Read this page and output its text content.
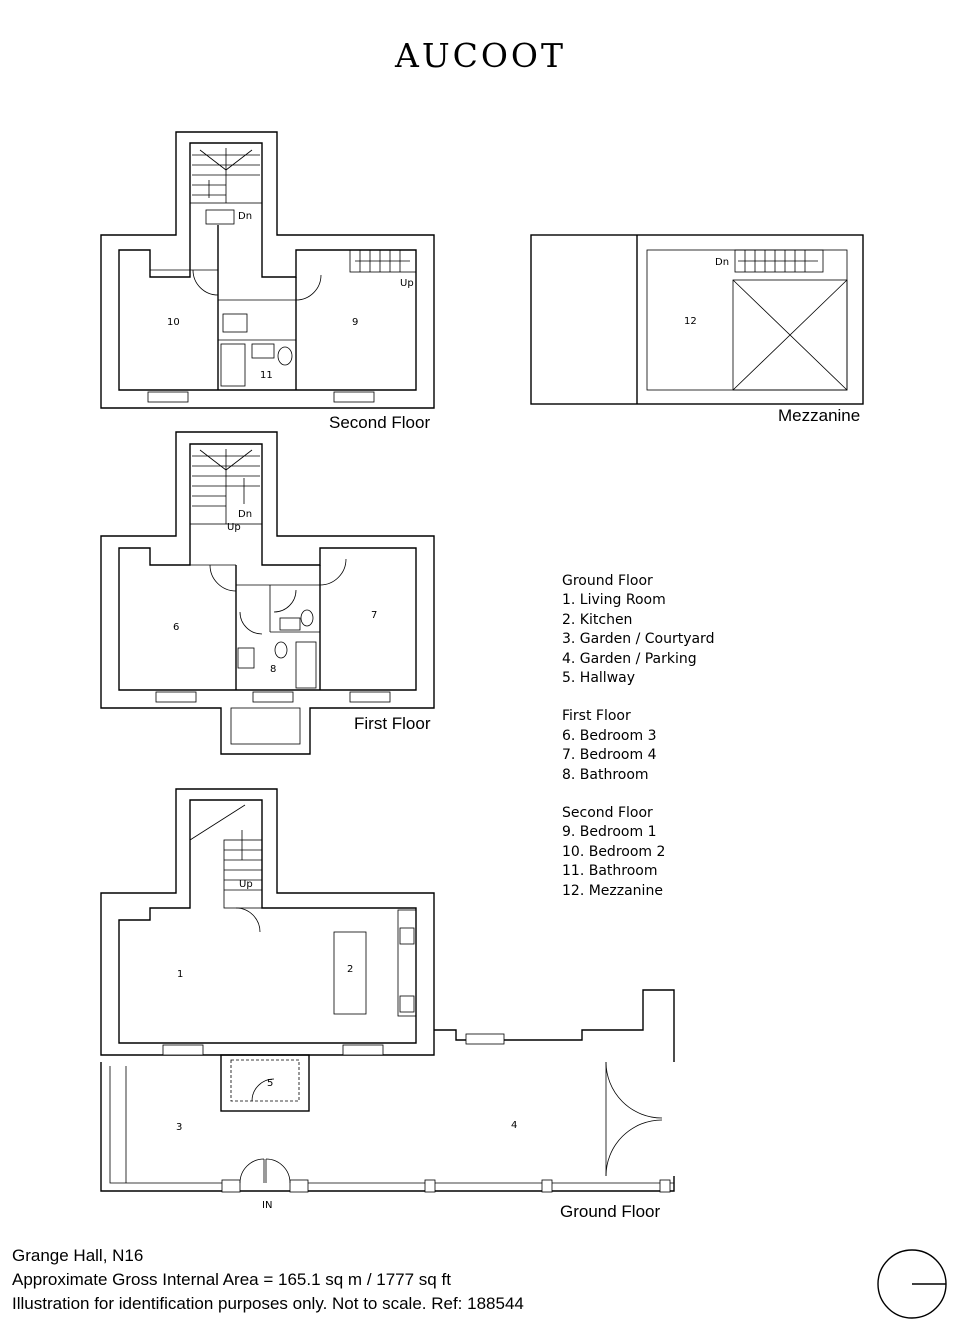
AUCOOT
Dn
Up
Dn
Dn
Up
Up
IN
1	2
3	4
5
6
7
8
9
10
11
12
Second Floor	Mezzanine
First Floor
Ground Floor
Ground Floor
1. Living Room
2. Kitchen
3. Garden / Courtyard
4. Garden / Parking
5. Hallway
First Floor
6. Bedroom 3
7. Bedroom 4
8. Bathroom
Second Floor
9. Bedroom 1
10. Bedroom 2
11. Bathroom
12. Mezzanine
Grange Hall, N16
Approximate Gross Internal Area = 165.1 sq m / 1777 sq ft
Illustration for identification purposes only. Not to scale. Ref: 188544
